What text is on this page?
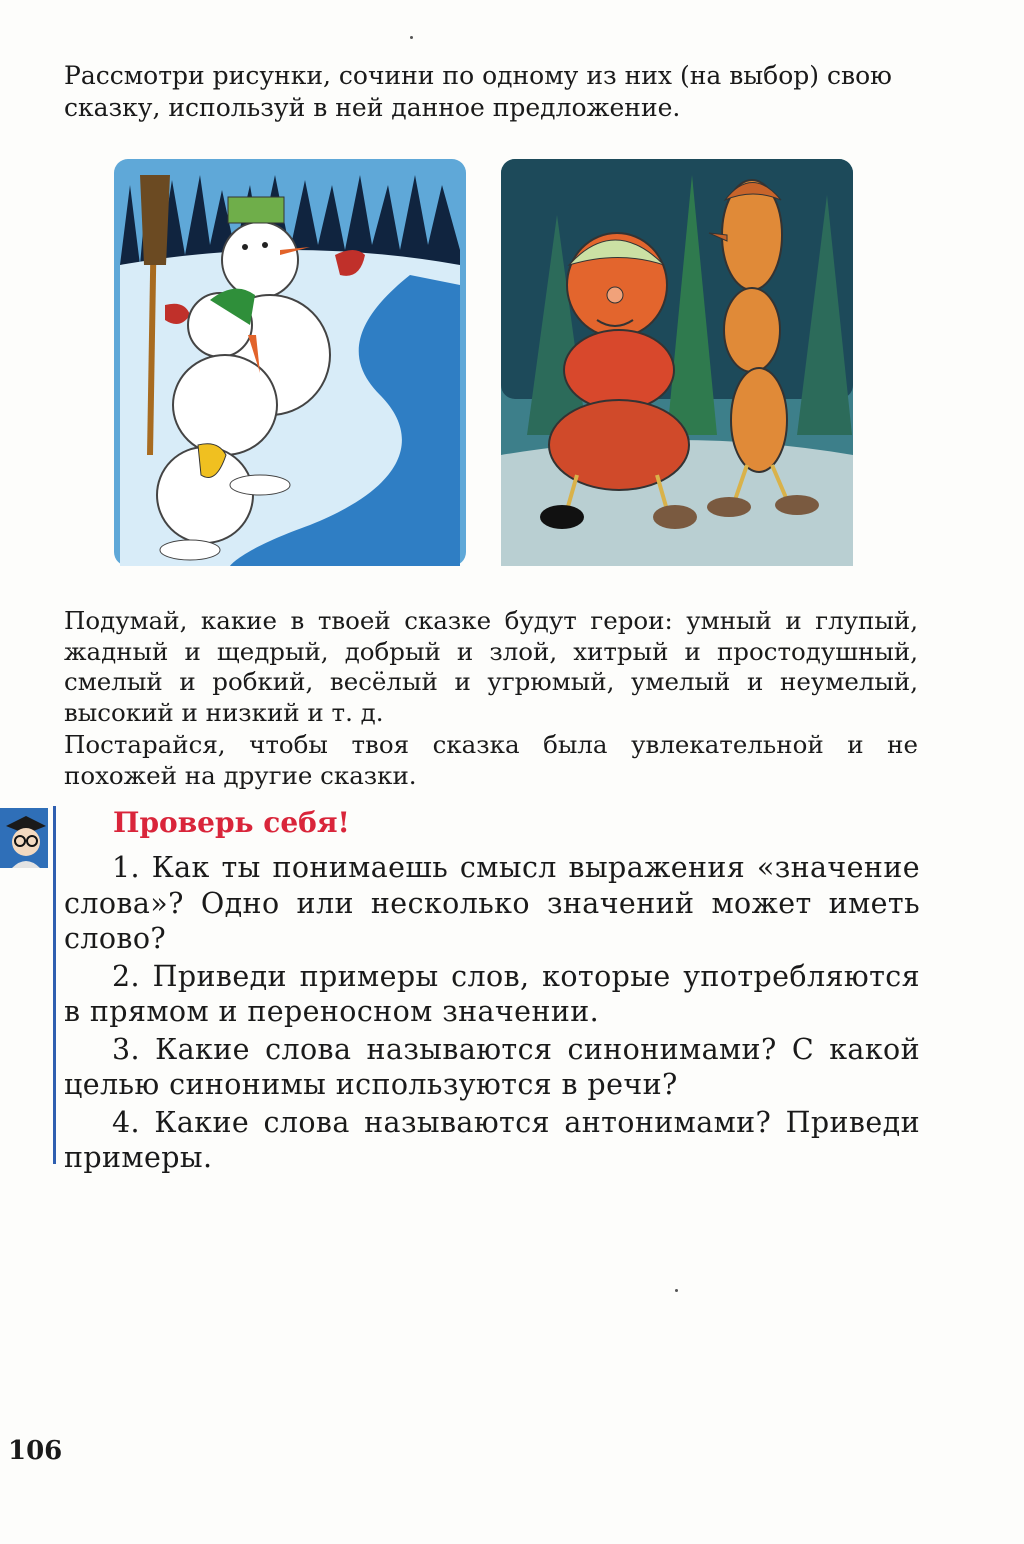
Рассмотри рисунки, сочини по одному из них (на выбор) свою сказку, используй в ней данное предложение.

Подумай, какие в твоей сказке будут герои: умный и глупый, жадный и щедрый, добрый и злой, хитрый и простодушный, смелый и робкий, весёлый и угрюмый, умелый и неумелый, высокий и низкий и т. д.

Постарайся, чтобы твоя сказка была увлекательной и не похожей на другие сказки.

Проверь себя!

1. Как ты понимаешь смысл выражения «значение слова»? Одно или несколько значений может иметь слово?

2. Приведи примеры слов, которые употребляются в прямом и переносном значении.

3. Какие слова называются синонимами? С какой целью синонимы используются в речи?

4. Какие слова называются антонимами? Приведи примеры.

106
